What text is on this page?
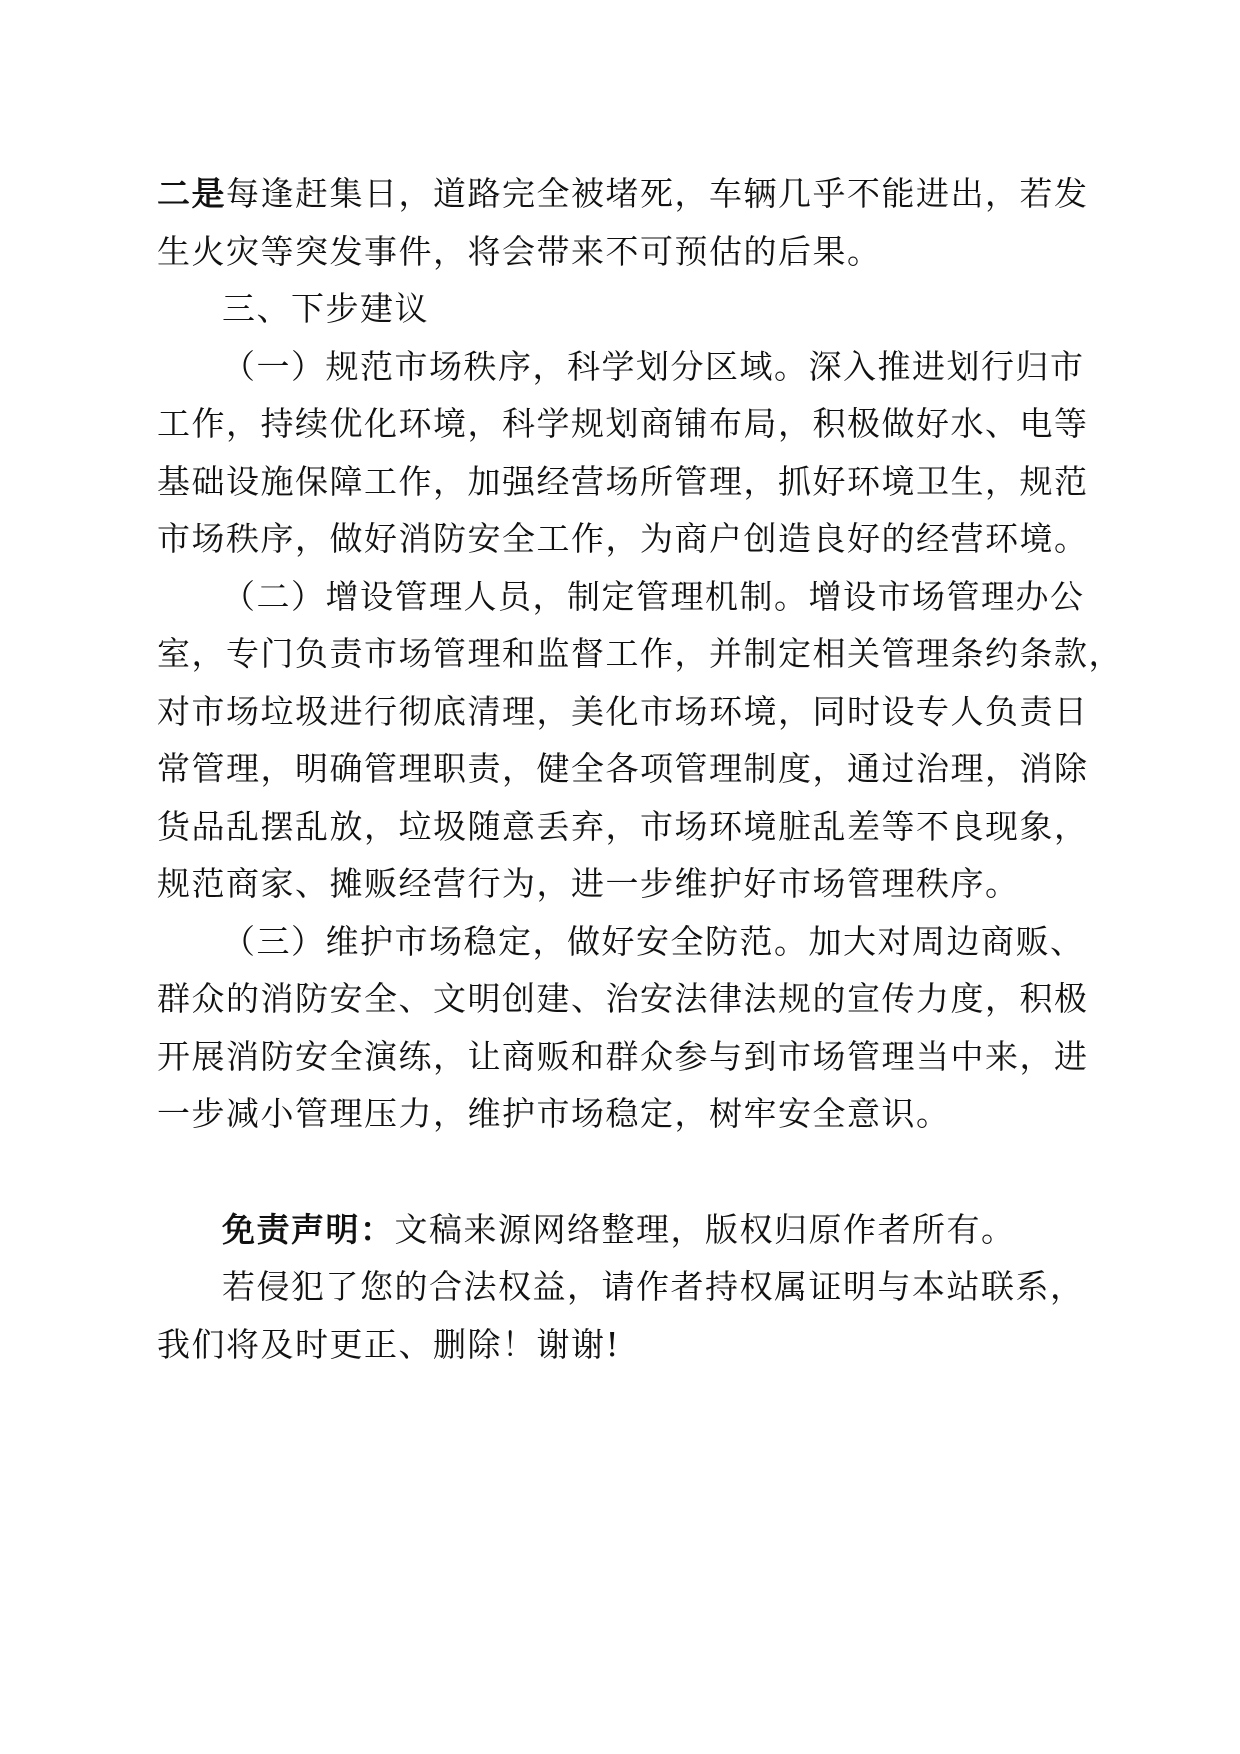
二是每逢赶集日，道路完全被堵死，车辆几乎不能进出，若发
生火灾等突发事件，将会带来不可预估的后果。
三、下步建议
（一）规范市场秩序，科学划分区域。深入推进划行归市
工作，持续优化环境，科学规划商铺布局，积极做好水、电等
基础设施保障工作，加强经营场所管理，抓好环境卫生，规范
市场秩序，做好消防安全工作，为商户创造良好的经营环境。
（二）增设管理人员，制定管理机制。增设市场管理办公
室，专门负责市场管理和监督工作，并制定相关管理条约条款，
对市场垃圾进行彻底清理，美化市场环境，同时设专人负责日
常管理，明确管理职责，健全各项管理制度，通过治理，消除
货品乱摆乱放，垃圾随意丢弃，市场环境脏乱差等不良现象，
规范商家、摊贩经营行为，进一步维护好市场管理秩序。
（三）维护市场稳定，做好安全防范。加大对周边商贩、
群众的消防安全、文明创建、治安法律法规的宣传力度，积极
开展消防安全演练，让商贩和群众参与到市场管理当中来，进
一步减小管理压力，维护市场稳定，树牢安全意识。
免责声明：文稿来源网络整理，版权归原作者所有。
若侵犯了您的合法权益，请作者持权属证明与本站联系，
我们将及时更正、删除！谢谢!
